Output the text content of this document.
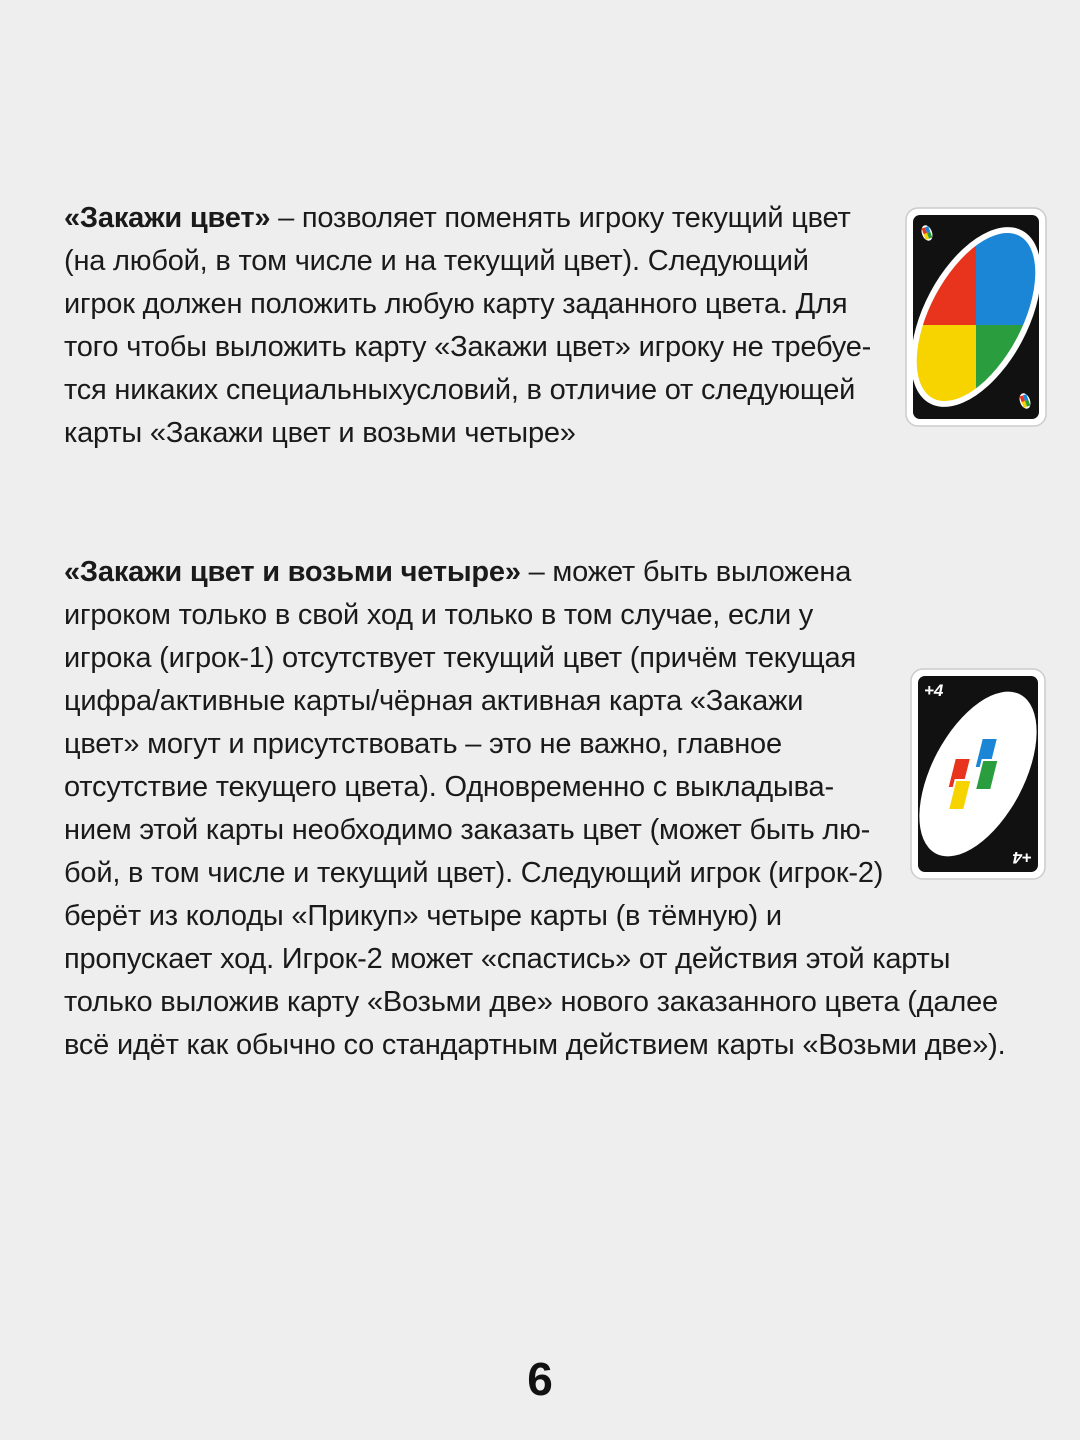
«Закажи цвет» – позволяет поменять игроку текущий цвет
(на любой, в том числе и на текущий цвет). Следующий
игрок должен положить любую карту заданного цвета. Для
того чтобы выложить карту «Закажи цвет» игроку не требуе-
тся никаких специальныхусловий, в отличие от следующей
карты «Закажи цвет и возьми четыре»
«Закажи цвет и возьми четыре» – может быть выложена
игроком только в свой ход и только в том случае, если у
игрока (игрок-1) отсутствует текущий цвет (причём текущая
цифра/активные карты/чёрная активная карта «Закажи
цвет» могут и присутствовать – это не важно, главное
отсутствие текущего цвета). Одновременно с выкладыва-
нием этой карты необходимо заказать цвет (может быть лю-
бой, в том числе и текущий цвет). Следующий игрок (игрок-2)
берёт из колоды «Прикуп» четыре карты (в тёмную) и
пропускает ход. Игрок-2 может «спастись» от действия этой карты
только выложив карту «Возьми две» нового заказанного цвета (далее
всё идёт как обычно со стандартным действием карты «Возьми две»).
+4
+4
6
